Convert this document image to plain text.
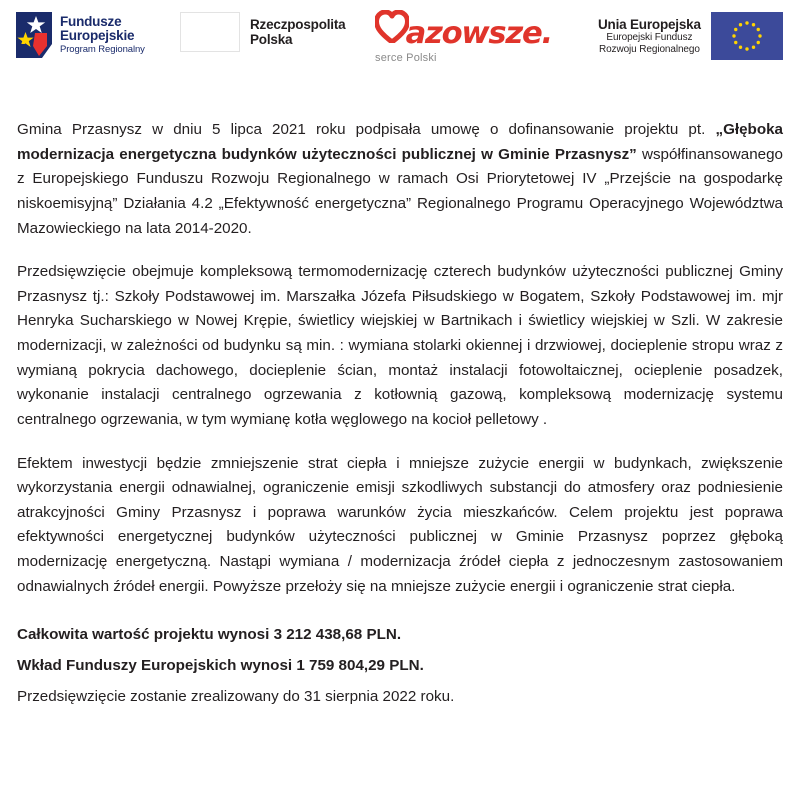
Fundusze
Europejskie
Program Regionalny
Rzeczpospolita
Polska	azowsze.
serce Polski
Unia Europejska
Europejski Fundusz
Rozwoju Regionalnego

Gmina Przasnysz w dniu 5 lipca 2021 roku podpisała umowę o dofinansowanie projektu pt. „Głęboka modernizacja energetyczna budynków użyteczności publicznej w Gminie Przasnysz” współfinansowanego z Europejskiego Funduszu Rozwoju Regionalnego w ramach Osi Priorytetowej IV „Przejście na gospodarkę niskoemisyjną” Działania 4.2 „Efektywność energetyczna” Regionalnego Programu Operacyjnego Województwa Mazowieckiego na lata 2014-2020.

Przedsięwzięcie obejmuje kompleksową termomodernizację czterech budynków użyteczności publicznej Gminy Przasnysz tj.: Szkoły Podstawowej im. Marszałka Józefa Piłsudskiego w Bogatem, Szkoły Podstawowej im. mjr Henryka Sucharskiego w Nowej Krępie, świetlicy wiejskiej w Bartnikach i świetlicy wiejskiej w Szli. W zakresie modernizacji, w zależności od budynku są min. : wymiana stolarki okiennej i drzwiowej, docieplenie stropu wraz z wymianą pokrycia dachowego, docieplenie ścian, montaż instalacji fotowoltaicznej, ocieplenie posadzek, wykonanie instalacji centralnego ogrzewania z kotłownią gazową, kompleksową modernizację systemu centralnego ogrzewania, w tym wymianę kotła węglowego na kocioł pelletowy .

Efektem inwestycji będzie zmniejszenie strat ciepła i mniejsze zużycie energii w budynkach, zwiększenie wykorzystania energii odnawialnej, ograniczenie emisji szkodliwych substancji do atmosfery oraz podniesienie atrakcyjności Gminy Przasnysz i poprawa warunków życia mieszkańców. Celem projektu jest poprawa efektywności energetycznej budynków użyteczności publicznej w Gminie Przasnysz poprzez głęboką modernizację energetyczną. Nastąpi wymiana / modernizacja źródeł ciepła z jednoczesnym zastosowaniem odnawialnych źródeł energii. Powyższe przełoży się na mniejsze zużycie energii i ograniczenie strat ciepła.

Całkowita wartość projektu wynosi 3 212 438,68 PLN.

Wkład Funduszy Europejskich wynosi 1 759 804,29 PLN.

Przedsięwzięcie zostanie zrealizowany do 31 sierpnia 2022 roku.
